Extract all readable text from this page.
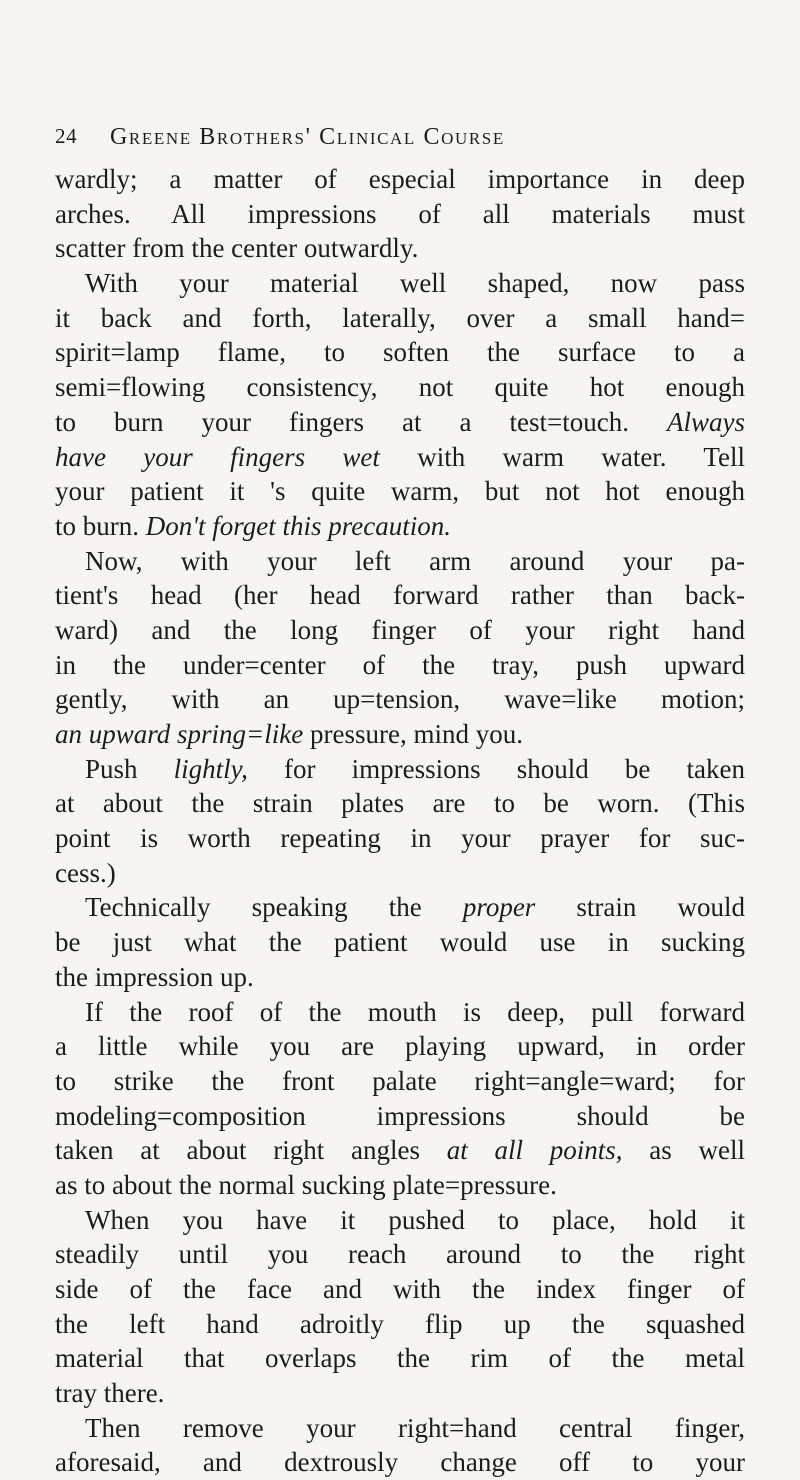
24 Greene Brothers' Clinical Course
wardly; a matter of especial importance in deep
arches. All impressions of all materials must
scatter from the center outwardly.
With your material well shaped, now pass
it back and forth, laterally, over a small hand=
spirit=lamp flame, to soften the surface to a
semi=flowing consistency, not quite hot enough
to burn your fingers at a test=touch. Always
have your fingers wet with warm water. Tell
your patient it 's quite warm, but not hot enough
to burn. Don't forget this precaution.
Now, with your left arm around your pa-
tient's head (her head forward rather than back-
ward) and the long finger of your right hand
in the under=center of the tray, push upward
gently, with an up=tension, wave=like motion;
an upward spring=like pressure, mind you.
Push lightly, for impressions should be taken
at about the strain plates are to be worn. (This
point is worth repeating in your prayer for suc-
cess.)
Technically speaking the proper strain would
be just what the patient would use in sucking
the impression up.
If the roof of the mouth is deep, pull forward
a little while you are playing upward, in order
to strike the front palate right=angle=ward; for
modeling=composition impressions should be
taken at about right angles at all points, as well
as to about the normal sucking plate=pressure.
When you have it pushed to place, hold it
steadily until you reach around to the right
side of the face and with the index finger of
the left hand adroitly flip up the squashed
material that overlaps the rim of the metal
tray there.
Then remove your right=hand central finger,
aforesaid, and dextrously change off to your
